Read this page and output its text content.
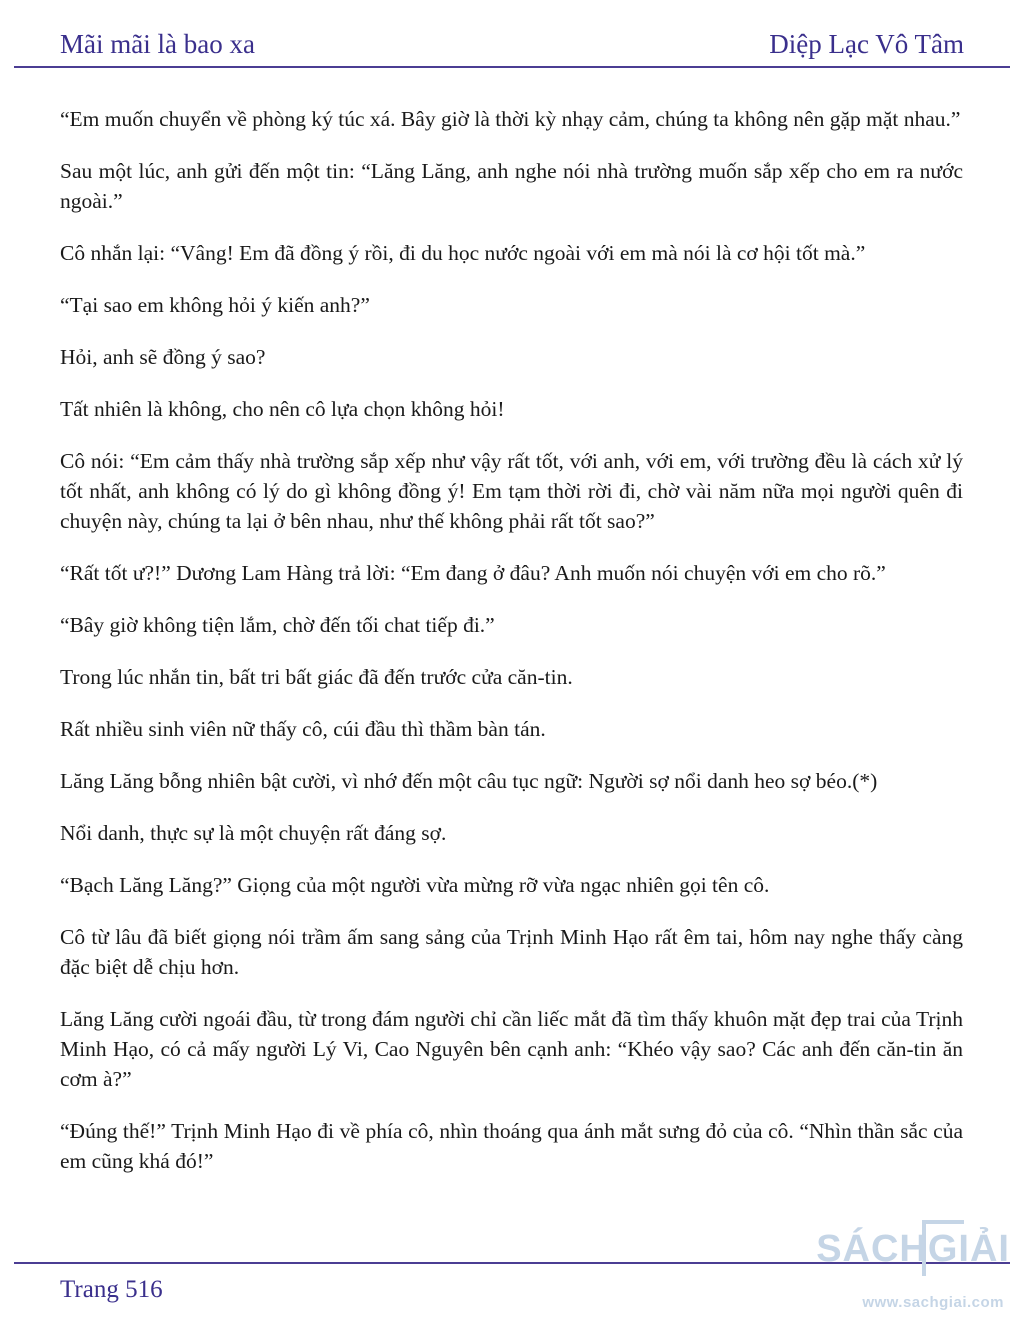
Mãi mãi là bao xa	Diệp Lạc Vô Tâm

“Em muốn chuyển về phòng ký túc xá. Bây giờ là thời kỳ nhạy cảm, chúng ta không nên gặp mặt nhau.”

Sau một lúc, anh gửi đến một tin: “Lăng Lăng, anh nghe nói nhà trường muốn sắp xếp cho em ra nước ngoài.”

Cô nhắn lại: “Vâng! Em đã đồng ý rồi, đi du học nước ngoài với em mà nói là cơ hội tốt mà.”

“Tại sao em không hỏi ý kiến anh?”

Hỏi, anh sẽ đồng ý sao?

Tất nhiên là không, cho nên cô lựa chọn không hỏi!

Cô nói: “Em cảm thấy nhà trường sắp xếp như vậy rất tốt, với anh, với em, với trường đều là cách xử lý tốt nhất, anh không có lý do gì không đồng ý! Em tạm thời rời đi, chờ vài năm nữa mọi người quên đi chuyện này, chúng ta lại ở bên nhau, như thế không phải rất tốt sao?”

“Rất tốt ư?!” Dương Lam Hàng trả lời: “Em đang ở đâu? Anh muốn nói chuyện với em cho rõ.”

“Bây giờ không tiện lắm, chờ đến tối chat tiếp đi.”

Trong lúc nhắn tin, bất tri bất giác đã đến trước cửa căn-tin.

Rất nhiều sinh viên nữ thấy cô, cúi đầu thì thầm bàn tán.

Lăng Lăng bỗng nhiên bật cười, vì nhớ đến một câu tục ngữ: Người sợ nổi danh heo sợ béo.(*)

Nổi danh, thực sự là một chuyện rất đáng sợ.

“Bạch Lăng Lăng?” Giọng của một người vừa mừng rỡ vừa ngạc nhiên gọi tên cô.

Cô từ lâu đã biết giọng nói trầm ấm sang sảng của Trịnh Minh Hạo rất êm tai, hôm nay nghe thấy càng đặc biệt dễ chịu hơn.

Lăng Lăng cười ngoái đầu, từ trong đám người chỉ cần liếc mắt đã tìm thấy khuôn mặt đẹp trai của Trịnh Minh Hạo, có cả mấy người Lý Vi, Cao Nguyên bên cạnh anh: “Khéo vậy sao? Các anh đến căn-tin ăn cơm à?”

“Đúng thế!” Trịnh Minh Hạo đi về phía cô, nhìn thoáng qua ánh mắt sưng đỏ của cô. “Nhìn thần sắc của em cũng khá đó!”

Trang 516
SÁCHGIẢI
www.sachgiai.com
